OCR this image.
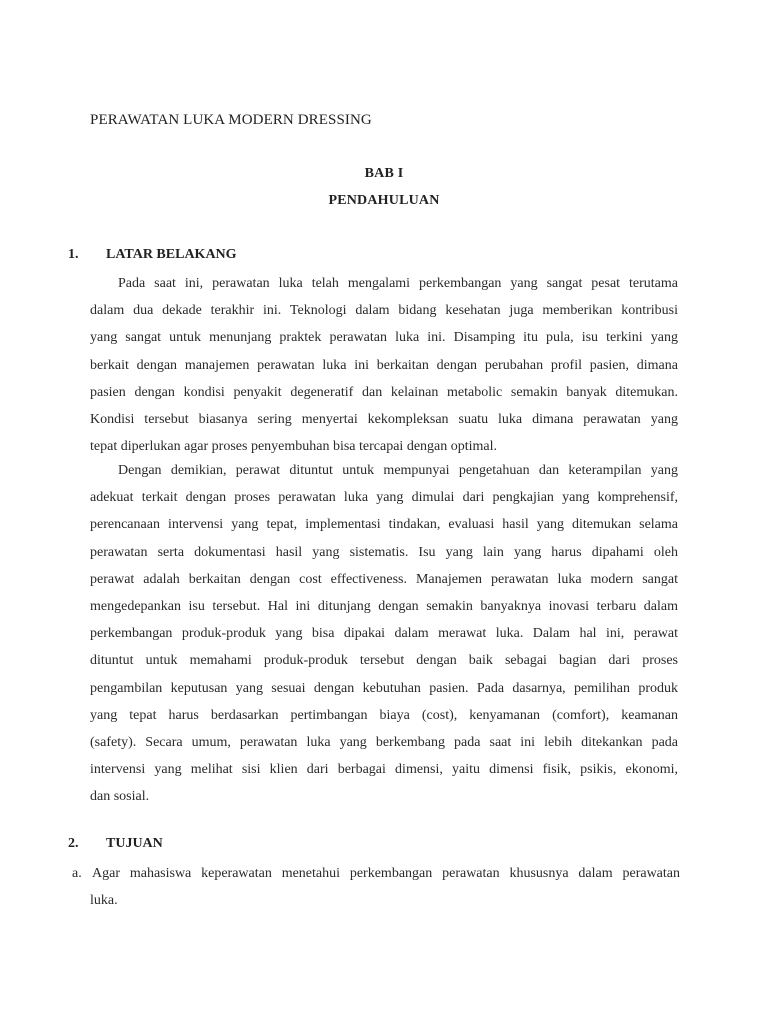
PERAWATAN LUKA MODERN DRESSING
BAB I
PENDAHULUAN
1. LATAR BELAKANG
Pada saat ini, perawatan luka telah mengalami perkembangan yang sangat pesat terutama
dalam dua dekade terakhir ini. Teknologi dalam bidang kesehatan juga memberikan kontribusi
yang sangat untuk menunjang praktek perawatan luka ini. Disamping itu pula, isu terkini yang
berkait dengan manajemen perawatan luka ini berkaitan dengan perubahan profil pasien, dimana
pasien dengan kondisi penyakit degeneratif dan kelainan metabolic semakin banyak ditemukan.
Kondisi tersebut biasanya sering menyertai kekompleksan suatu luka dimana perawatan yang
tepat diperlukan agar proses penyembuhan bisa tercapai dengan optimal.
Dengan demikian, perawat dituntut untuk mempunyai pengetahuan dan keterampilan yang
adekuat terkait dengan proses perawatan luka yang dimulai dari pengkajian yang komprehensif,
perencanaan intervensi yang tepat, implementasi tindakan, evaluasi hasil yang ditemukan selama
perawatan serta dokumentasi hasil yang sistematis. Isu yang lain yang harus dipahami oleh
perawat adalah berkaitan dengan cost effectiveness. Manajemen perawatan luka modern sangat
mengedepankan isu tersebut. Hal ini ditunjang dengan semakin banyaknya inovasi terbaru dalam
perkembangan produk-produk yang bisa dipakai dalam merawat luka. Dalam hal ini, perawat
dituntut untuk memahami produk-produk tersebut dengan baik sebagai bagian dari proses
pengambilan keputusan yang sesuai dengan kebutuhan pasien. Pada dasarnya, pemilihan produk
yang tepat harus berdasarkan pertimbangan biaya (cost), kenyamanan (comfort), keamanan
(safety). Secara umum, perawatan luka yang berkembang pada saat ini lebih ditekankan pada
intervensi yang melihat sisi klien dari berbagai dimensi, yaitu dimensi fisik, psikis, ekonomi,
dan sosial.
2. TUJUAN
a. Agar mahasiswa keperawatan menetahui perkembangan perawatan khususnya dalam perawatan
luka.
